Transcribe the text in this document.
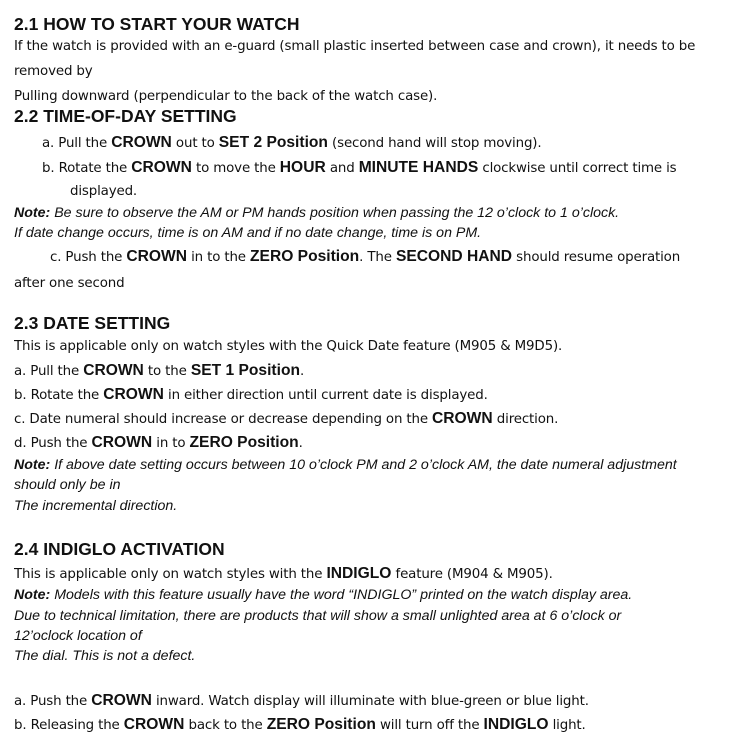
2.1 HOW TO START YOUR WATCH
If the watch is provided with an e-guard (small plastic inserted between case and crown), it needs to be
removed by
Pulling downward (perpendicular to the back of the watch case).
2.2 TIME-OF-DAY SETTING
a. Pull the CROWN out to SET 2 Position (second hand will stop moving).
b. Rotate the CROWN to move the HOUR and MINUTE HANDS clockwise until correct time is
displayed.
Note: Be sure to observe the AM or PM hands position when passing the 12 o’clock to 1 o’clock.
If date change occurs, time is on AM and if no date change, time is on PM.
c. Push the CROWN in to the ZERO Position. The SECOND HAND should resume operation
after one second
2.3 DATE SETTING
This is applicable only on watch styles with the Quick Date feature (M905 & M9D5).
a. Pull the CROWN to the SET 1 Position.
b. Rotate the CROWN in either direction until current date is displayed.
c. Date numeral should increase or decrease depending on the CROWN direction.
d. Push the CROWN in to ZERO Position.
Note: If above date setting occurs between 10 o’clock PM and 2 o’clock AM, the date numeral adjustment
should only be in
The incremental direction.
2.4 INDIGLO ACTIVATION
This is applicable only on watch styles with the INDIGLO feature (M904 & M905).
Note: Models with this feature usually have the word “INDIGLO” printed on the watch display area.
Due to technical limitation, there are products that will show a small unlighted area at 6 o’clock or
12’oclock location of
The dial. This is not a defect.
a. Push the CROWN inward. Watch display will illuminate with blue-green or blue light.
b. Releasing the CROWN back to the ZERO Position will turn off the INDIGLO light.
